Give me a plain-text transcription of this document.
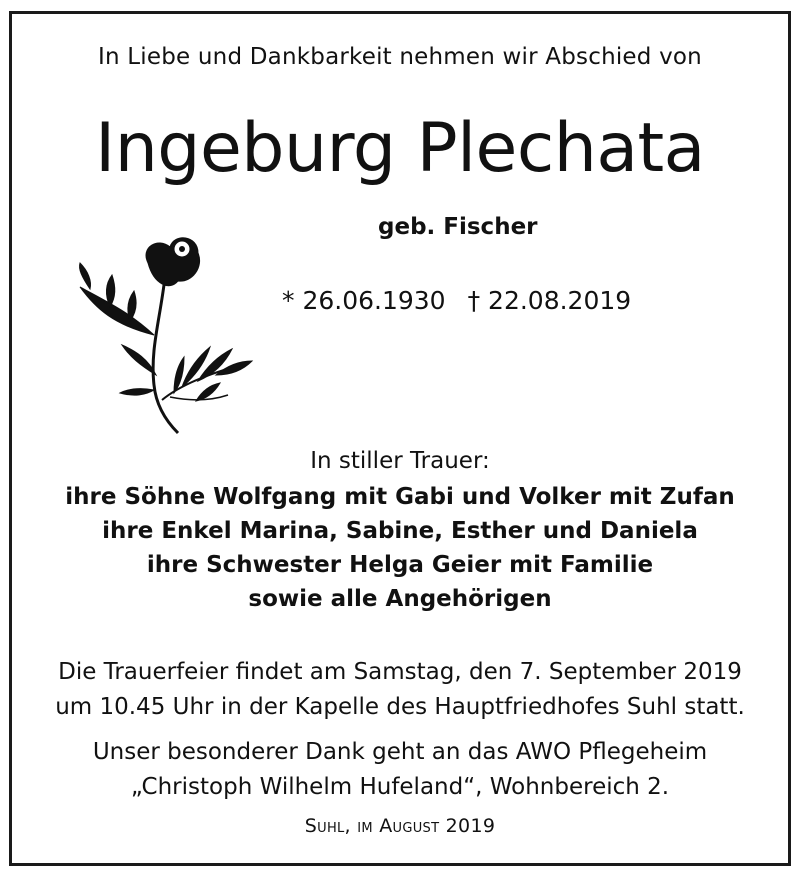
In Liebe und Dankbarkeit nehmen wir Abschied von
Ingeburg Plechata
geb. Fischer
* 26.06.1930 † 22.08.2019
In stiller Trauer:
ihre Söhne Wolfgang mit Gabi und Volker mit Zufan
ihre Enkel Marina, Sabine, Esther und Daniela
ihre Schwester Helga Geier mit Familie
sowie alle Angehörigen
Die Trauerfeier findet am Samstag, den 7. September 2019
um 10.45 Uhr in der Kapelle des Hauptfriedhofes Suhl statt.
Unser besonderer Dank geht an das AWO Pflegeheim
„Christoph Wilhelm Hufeland“, Wohnbereich 2.
Suhl, im August 2019
